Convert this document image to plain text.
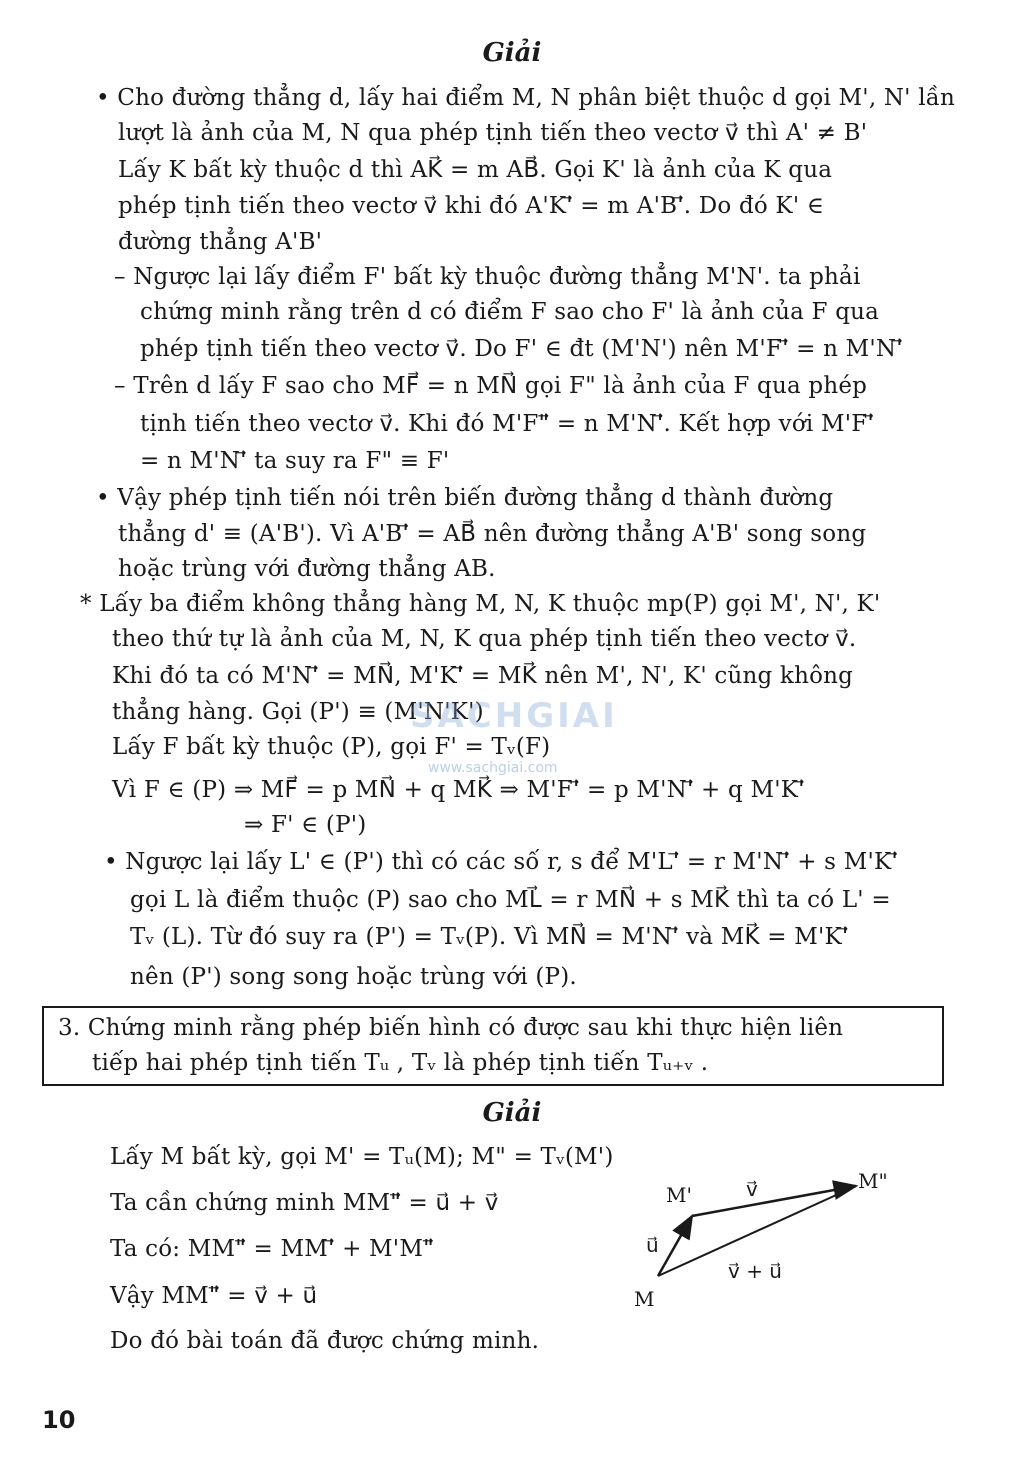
Giải
• Cho đường thẳng d, lấy hai điểm M, N phân biệt thuộc d gọi M', N' lần
lượt là ảnh của M, N qua phép tịnh tiến theo vectơ v⃗ thì A' ≠ B'
Lấy K bất kỳ thuộc d thì AK⃗ = m AB⃗. Gọi K' là ảnh của K qua
phép tịnh tiến theo vectơ v⃗ khi đó A'K'⃗ = m A'B'⃗. Do đó K' ∈
đường thẳng A'B'
– Ngược lại lấy điểm F' bất kỳ thuộc đường thẳng M'N'. ta phải
chứng minh rằng trên d có điểm F sao cho F' là ảnh của F qua
phép tịnh tiến theo vectơ v⃗. Do F' ∈ đt (M'N') nên M'F'⃗ = n M'N'⃗
– Trên d lấy F sao cho MF⃗ = n MN⃗ gọi F" là ảnh của F qua phép
tịnh tiến theo vectơ v⃗. Khi đó M'F"⃗ = n M'N'⃗. Kết hợp với M'F'⃗
= n M'N'⃗ ta suy ra F" ≡ F'
• Vậy phép tịnh tiến nói trên biến đường thẳng d thành đường
thẳng d' ≡ (A'B'). Vì A'B'⃗ = AB⃗ nên đường thẳng A'B' song song
hoặc trùng với đường thẳng AB.
* Lấy ba điểm không thẳng hàng M, N, K thuộc mp(P) gọi M', N', K'
theo thứ tự là ảnh của M, N, K qua phép tịnh tiến theo vectơ v⃗.
Khi đó ta có M'N'⃗ = MN⃗, M'K'⃗ = MK⃗ nên M', N', K' cũng không
thẳng hàng. Gọi (P') ≡ (M'N'K')
Lấy F bất kỳ thuộc (P), gọi F' = Tᵥ(F)
Vì F ∈ (P) ⇒ MF⃗ = p MN⃗ + q MK⃗ ⇒ M'F'⃗ = p M'N'⃗ + q M'K'⃗
⇒ F' ∈ (P')
• Ngược lại lấy L' ∈ (P') thì có các số r, s để M'L'⃗ = r M'N'⃗ + s M'K'⃗
gọi L là điểm thuộc (P) sao cho ML⃗ = r MN⃗ + s MK⃗ thì ta có L' =
Tᵥ (L). Từ đó suy ra (P') = Tᵥ(P). Vì MN⃗ = M'N'⃗ và MK⃗ = M'K'⃗
nên (P') song song hoặc trùng với (P).
SACHGIAI
www.sachgiai.com
3. Chứng minh rằng phép biến hình có được sau khi thực hiện liên
tiếp hai phép tịnh tiến Tᵤ , Tᵥ là phép tịnh tiến Tᵤ₊ᵥ .
Giải
Lấy M bất kỳ, gọi M' = Tᵤ(M); M" = Tᵥ(M')
Ta cần chứng minh MM"⃗ = u⃗ + v⃗
Ta có: MM"⃗ = MM'⃗ + M'M"⃗
Vậy MM"⃗ = v⃗ + u⃗
Do đó bài toán đã được chứng minh.
M
M'
M"
u⃗
v⃗
v⃗ + u⃗
10
